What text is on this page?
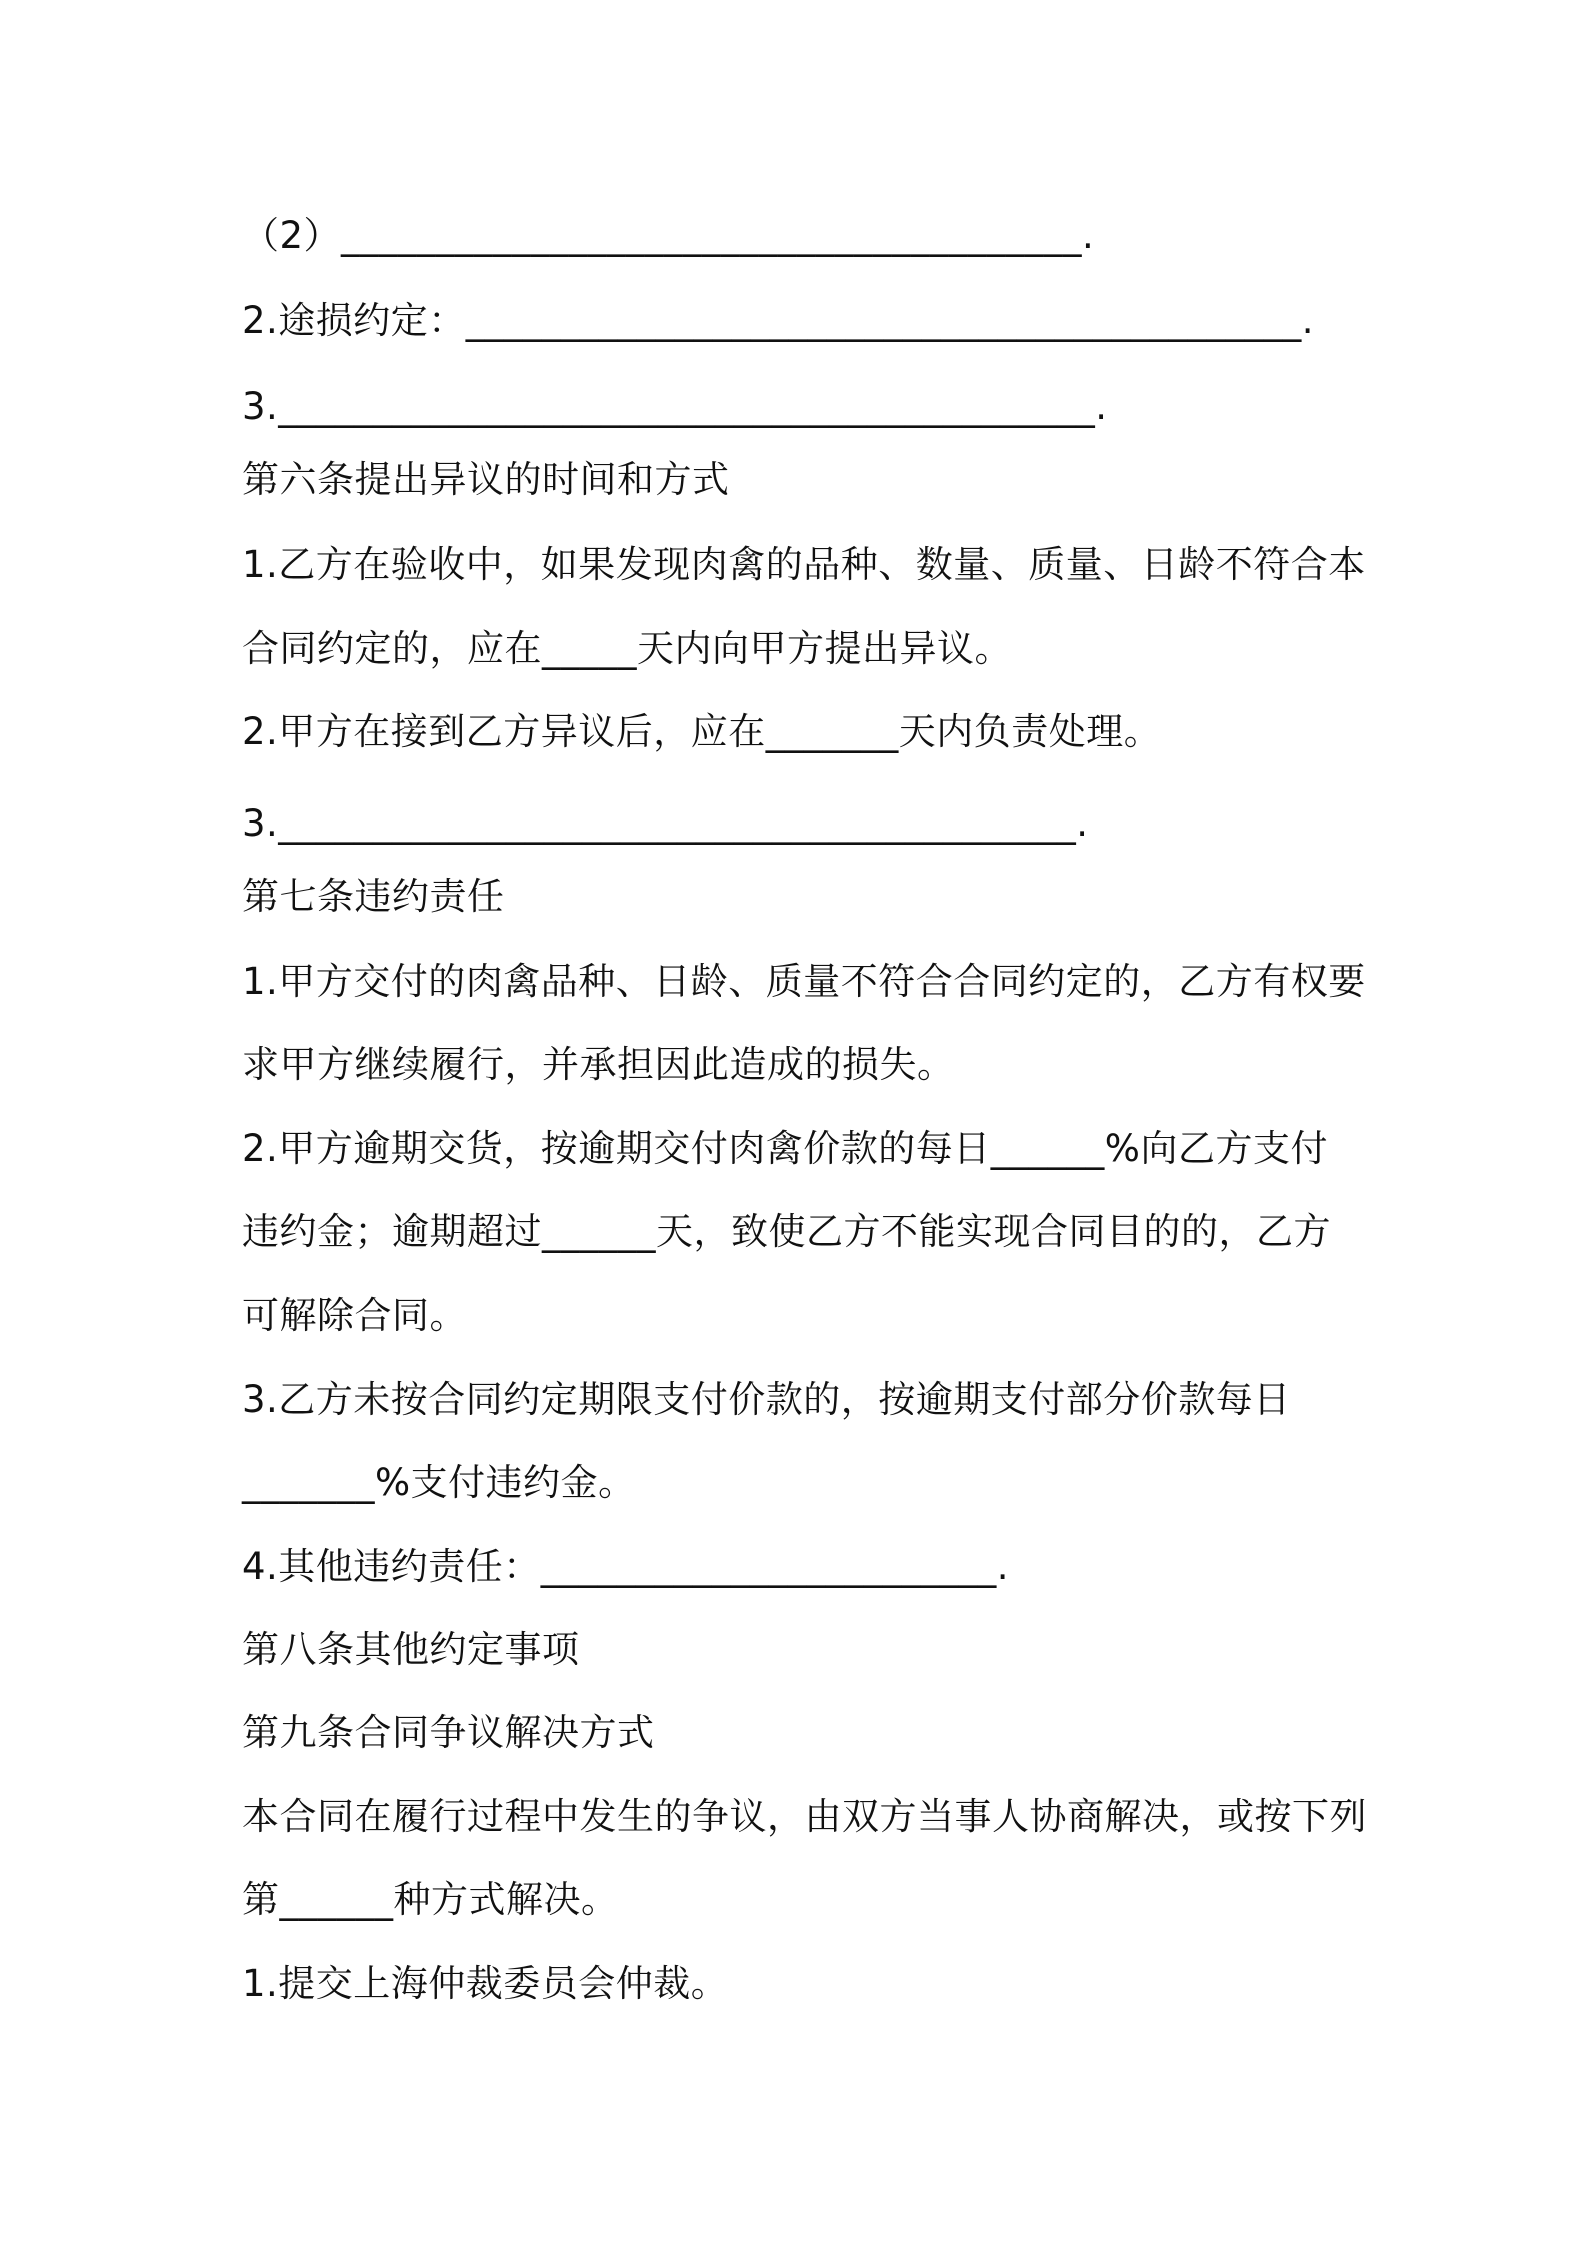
（2）_______________________________________.
2.途损约定：____________________________________________.
3.___________________________________________.
第六条提出异议的时间和方式
1.乙方在验收中，如果发现肉禽的品种、数量、质量、日龄不符合本
合同约定的，应在_____天内向甲方提出异议。
2.甲方在接到乙方异议后，应在_______天内负责处理。
3.__________________________________________.
第七条违约责任
1.甲方交付的肉禽品种、日龄、质量不符合合同约定的，乙方有权要
求甲方继续履行，并承担因此造成的损失。
2.甲方逾期交货，按逾期交付肉禽价款的每日______%向乙方支付
违约金；逾期超过______天，致使乙方不能实现合同目的的，乙方
可解除合同。
3.乙方未按合同约定期限支付价款的，按逾期支付部分价款每日
_______%支付违约金。
4.其他违约责任：________________________.
第八条其他约定事项
第九条合同争议解决方式
本合同在履行过程中发生的争议，由双方当事人协商解决，或按下列
第______种方式解决。
1.提交上海仲裁委员会仲裁。
